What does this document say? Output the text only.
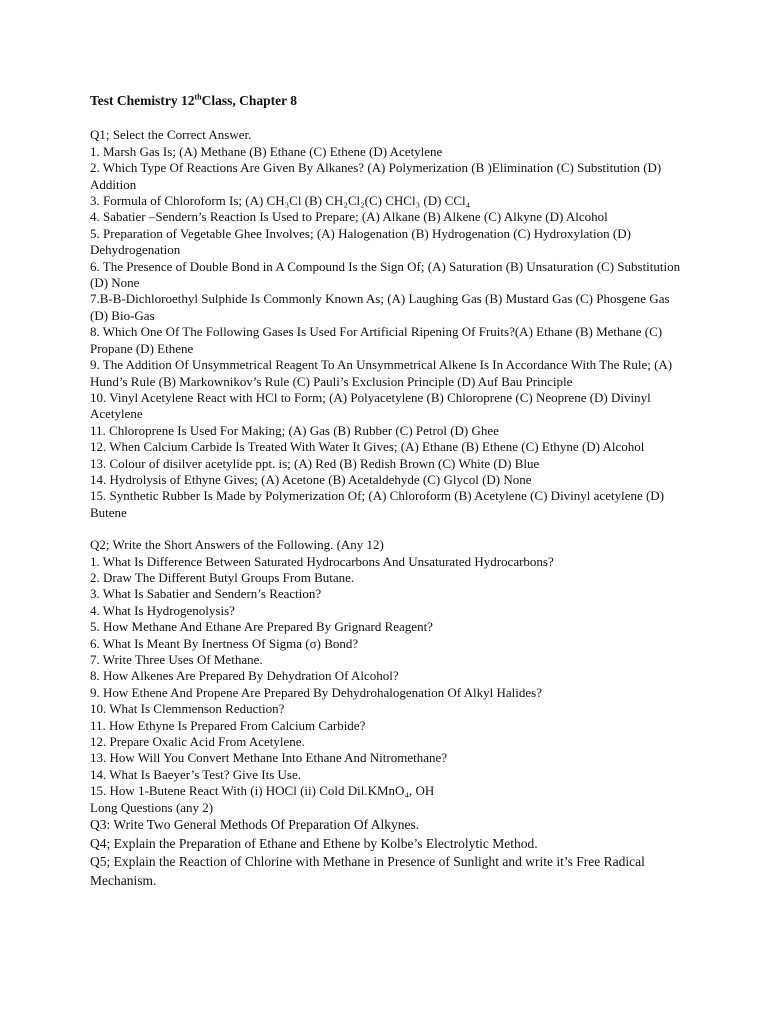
Test Chemistry 12thClass, Chapter 8
Q1; Select the Correct Answer.
1. Marsh Gas Is; (A) Methane (B) Ethane (C) Ethene (D) Acetylene
2. Which Type Of Reactions Are Given By Alkanes? (A) Polymerization (B )Elimination (C) Substitution (D) Addition
3. Formula of Chloroform Is; (A) CH₃Cl (B) CH₂Cl₂(C) CHCl₃ (D) CCl₄
4. Sabatier –Sendern’s Reaction Is Used to Prepare; (A) Alkane (B) Alkene (C) Alkyne (D) Alcohol
5. Preparation of Vegetable Ghee Involves; (A) Halogenation (B) Hydrogenation (C) Hydroxylation (D) Dehydrogenation
6. The Presence of Double Bond in A Compound Is the Sign Of; (A) Saturation (B) Unsaturation (C) Substitution (D) None
7.B-B-Dichloroethyl Sulphide Is Commonly Known As; (A) Laughing Gas (B) Mustard Gas (C) Phosgene Gas (D) Bio-Gas
8. Which One Of The Following Gases Is Used For Artificial Ripening Of Fruits?(A) Ethane (B) Methane (C) Propane (D) Ethene
9. The Addition Of Unsymmetrical Reagent To An Unsymmetrical Alkene Is In Accordance With The Rule; (A) Hund’s Rule (B) Markownikov’s Rule (C) Pauli’s Exclusion Principle (D) Auf Bau Principle
10. Vinyl Acetylene React with HCl to Form; (A) Polyacetylene (B) Chloroprene (C) Neoprene (D) Divinyl Acetylene
11. Chloroprene Is Used For Making; (A) Gas (B) Rubber (C) Petrol (D) Ghee
12. When Calcium Carbide Is Treated With Water It Gives; (A) Ethane (B) Ethene (C) Ethyne (D) Alcohol
13. Colour of disilver acetylide ppt. is; (A) Red (B) Redish Brown (C) White (D) Blue
14. Hydrolysis of Ethyne Gives; (A) Acetone (B) Acetaldehyde (C) Glycol (D) None
15. Synthetic Rubber Is Made by Polymerization Of; (A) Chloroform (B) Acetylene (C) Divinyl acetylene (D) Butene
Q2; Write the Short Answers of the Following. (Any 12)
1. What Is Difference Between Saturated Hydrocarbons And Unsaturated Hydrocarbons?
2. Draw The Different Butyl Groups From Butane.
3. What Is Sabatier and Sendern’s Reaction?
4. What Is Hydrogenolysis?
5. How Methane And Ethane Are Prepared By Grignard Reagent?
6. What Is Meant By Inertness Of Sigma (σ) Bond?
7. Write Three Uses Of Methane.
8. How Alkenes Are Prepared By Dehydration Of Alcohol?
9. How Ethene And Propene Are Prepared By Dehydrohalogenation Of Alkyl Halides?
10. What Is Clemmenson Reduction?
11. How Ethyne Is Prepared From Calcium Carbide?
12. Prepare Oxalic Acid From Acetylene.
13. How Will You Convert Methane Into Ethane And Nitromethane?
14. What Is Baeyer’s Test? Give Its Use.
15. How 1-Butene React With (i) HOCl (ii) Cold Dil.KMnO₄, OH
Long Questions (any 2)
Q3: Write Two General Methods Of Preparation Of Alkynes.
Q4; Explain the Preparation of Ethane and Ethene by Kolbe’s Electrolytic Method.
Q5; Explain the Reaction of Chlorine with Methane in Presence of Sunlight and write it’s Free Radical Mechanism.
